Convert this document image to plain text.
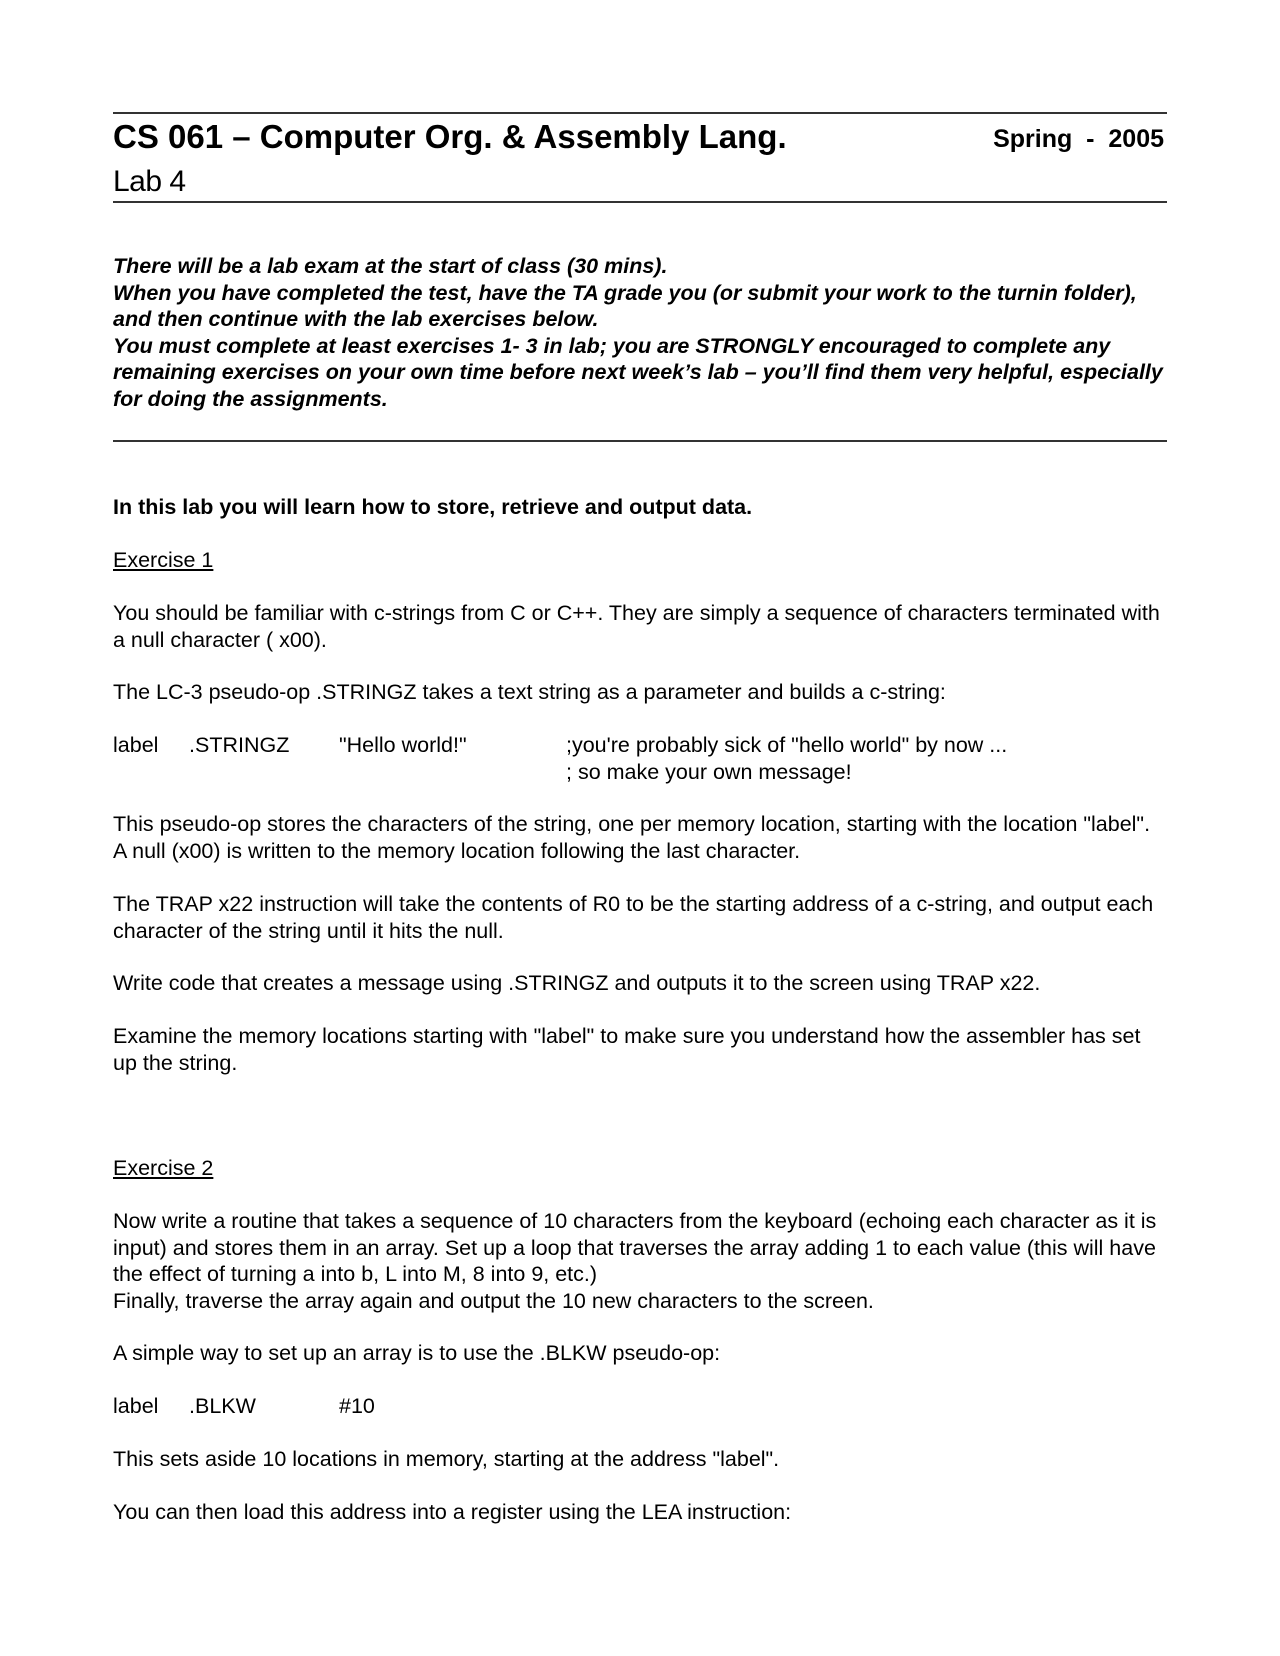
CS 061 – Computer Org. & Assembly Lang.	Spring  -  2005
Lab 4

There will be a lab exam at the start of class (30 mins).

When you have completed the test, have the TA grade you (or submit your work to the turnin folder), and then continue with the lab exercises below.

You must complete at least exercises 1- 3 in lab; you are STRONGLY encouraged to complete any remaining exercises on your own time before next week’s lab – you’ll find them very helpful, especially for doing the assignments.

In this lab you will learn how to store, retrieve and output data.

Exercise 1

You should be familiar with c-strings from C or C++. They are simply a sequence of characters terminated with a null character ( x00).

The LC-3 pseudo-op .STRINGZ takes a text string as a parameter and builds a c-string:

label .STRINGZ "Hello world!"	;you're probably sick of "hello world" by now ...
; so make your own message!

This pseudo-op stores the characters of the string, one per memory location, starting with the location "label". A null (x00) is written to the memory location following the last character.

The TRAP x22 instruction will take the contents of R0 to be the starting address of a c-string, and output each character of the string until it hits the null.

Write code that creates a message using .STRINGZ and outputs it to the screen using TRAP x22.

Examine the memory locations starting with "label" to make sure you understand how the assembler has set up the string.

Exercise 2

Now write a routine that takes a sequence of 10 characters from the keyboard (echoing each character as it is input) and stores them in an array. Set up a loop that traverses the array adding 1 to each value (this will have the effect of turning a into b, L into M, 8 into 9, etc.)
Finally, traverse the array again and output the 10 new characters to the screen.

A simple way to set up an array is to use the .BLKW pseudo-op:

label .BLKW	#10

This sets aside 10 locations in memory, starting at the address "label".

You can then load this address into a register using the LEA instruction:
